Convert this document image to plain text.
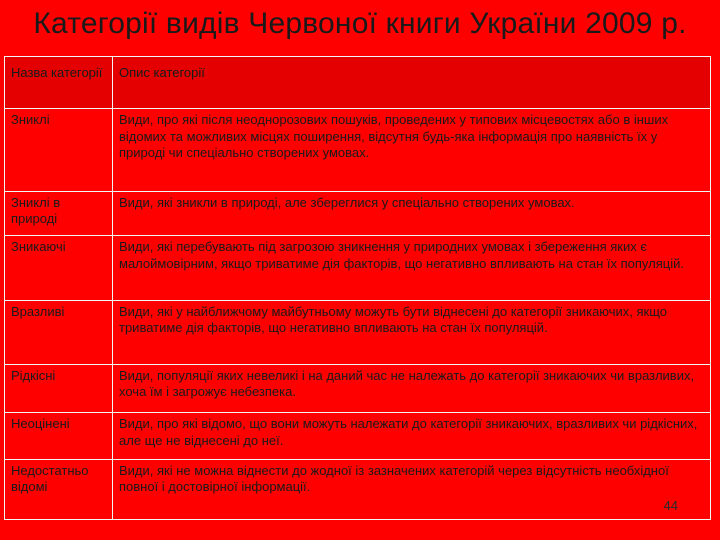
Категорії видів Червоної книги України 2009 р.
Назва категорії	Опис категорії
Зниклі	Види, про які після неоднорозових пошуків, проведених у типових місцевостях або в інших відомих та можливих місцях поширення, відсутня будь-яка інформація про наявність їх у природі чи спеціально створених умовах.
Зниклі в природі	Види, які зникли в природі, але збереглися у спеціально створених умовах.
Зникаючі	Види, які перебувають під загрозою зникнення у природних умовах і збереження яких є малоймовірним, якщо триватиме дія факторів, що негативно впливають на стан їх популяцій.
Вразливі	Види, які у найближчому майбутньому можуть бути віднесені до категорії зникаючих, якщо триватиме дія факторів, що негативно впливають на стан їх популяцій.
Рідкісні	Види, популяції яких невеликі і на даний час не належать до категорії зникаючих чи вразливих, хоча їм і загрожує небезпека.
Неоцінені	Види, про які відомо, що вони можуть належати до категорії зникаючих, вразливих чи рідкісних, але ще не віднесені до неї.
Недостатньо відомі	Види, які не можна віднести до жодної із зазначених категорій через відсутність необхідної повної і достовірної інформації.
44
